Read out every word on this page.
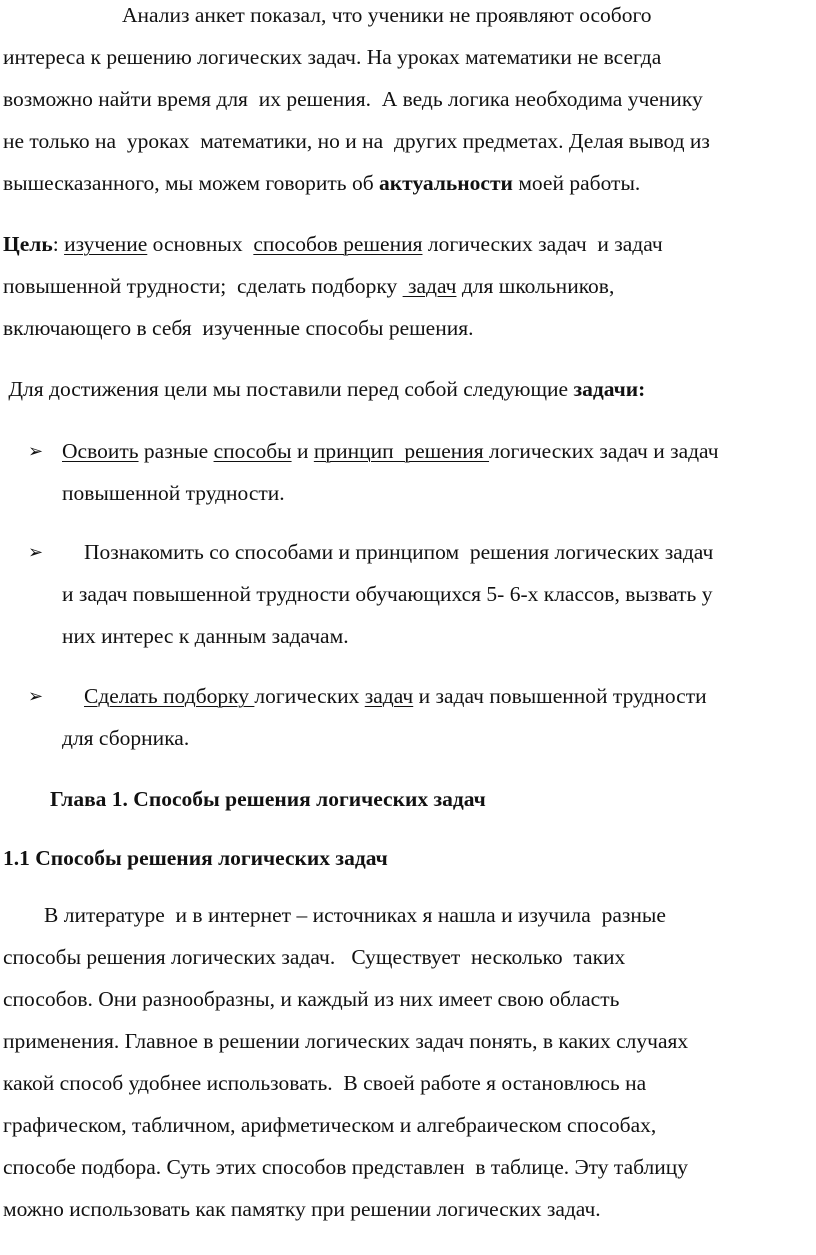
Анализ анкет показал, что ученики не проявляют особого
интереса к решению логических задач. На уроках математики не всегда
возможно найти время для  их решения.  А ведь логика необходима ученику
не только на  уроках  математики, но и на  других предметах. Делая вывод из
вышесказанного, мы можем говорить об актуальности моей работы.
Цель: изучение основных  способов решения логических задач  и задач
повышенной трудности;  сделать подборку  задач для школьников,
включающего в себя  изученные способы решения.
Для достижения цели мы поставили перед собой следующие задачи:
➢ Освоить разные способы и принцип  решения логических задач и задач
повышенной трудности.
➢ Познакомить со способами и принципом  решения логических задач
и задач повышенной трудности обучающихся 5- 6-х классов, вызвать у
них интерес к данным задачам.
➢ Сделать подборку логических задач и задач повышенной трудности
для сборника.
Глава 1. Способы решения логических задач
1.1 Способы решения логических задач
В литературе  и в интернет – источниках я нашла и изучила  разные
способы решения логических задач.   Существует  несколько  таких
способов. Они разнообразны, и каждый из них имеет свою область
применения. Главное в решении логических задач понять, в каких случаях
какой способ удобнее использовать.  В своей работе я остановлюсь на
графическом, табличном, арифметическом и алгебраическом способах,
способе подбора. Суть этих способов представлен  в таблице. Эту таблицу
можно использовать как памятку при решении логических задач.
